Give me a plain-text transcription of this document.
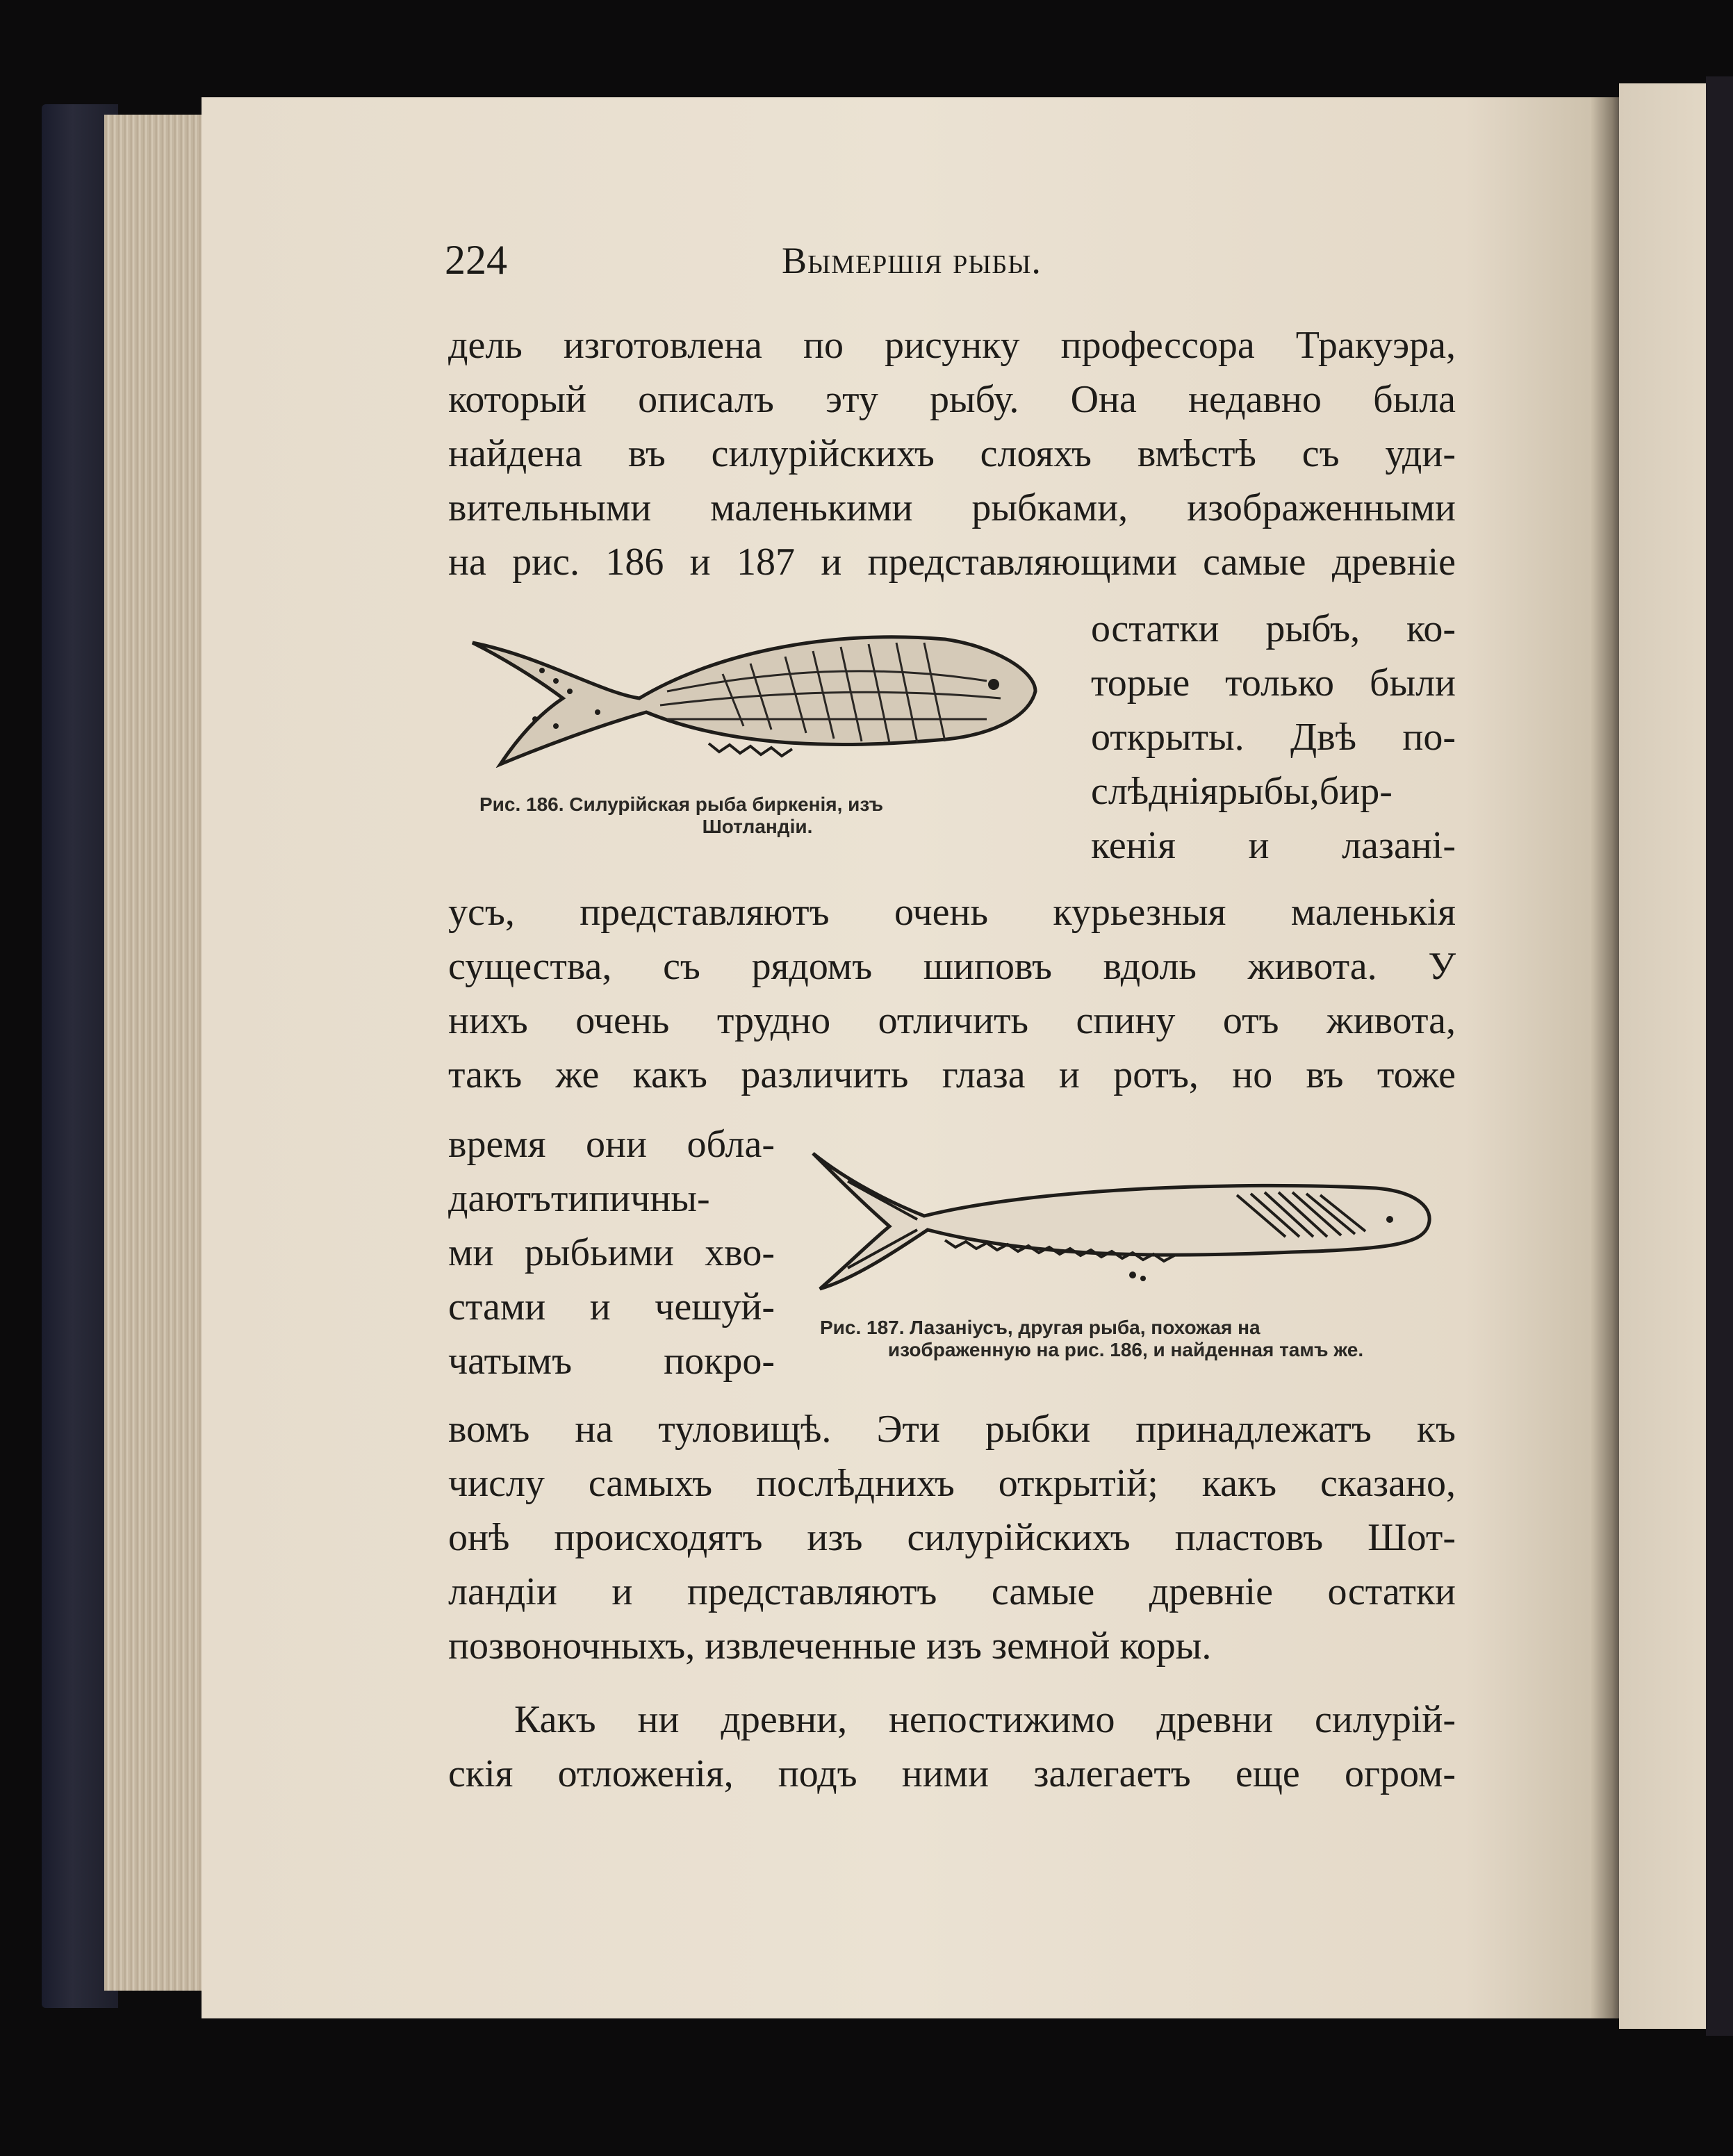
224	Вымершія рыбы.
дель изготовлена по рисунку профессора Тракуэра,
который описалъ эту рыбу. Она недавно была
найдена въ силурійскихъ слояхъ вмѣстѣ съ уди-
вительными маленькими рыбками, изображенными
на рис. 186 и 187 и представляющими самые древніе
Рис. 186. Силурійская рыба биркенія, изъ
Шотландіи.
остатки рыбъ, ко-
торые только были
открыты. Двѣ по-
слѣдніярыбы,бир-
кенія и лазані-
усъ, представляютъ очень курьезныя маленькія
существа, съ рядомъ шиповъ вдоль живота. У
нихъ очень трудно отличить спину отъ живота,
такъ же какъ различить глаза и ротъ, но въ тоже
время они обла-
даютътипичны-
ми рыбьими хво-
стами и чешуй-
чатымъ покро-
Рис. 187. Лазаніусъ, другая рыба, похожая на
изображенную на рис. 186, и найденная тамъ же.
вомъ на туловищѣ. Эти рыбки принадлежатъ къ
числу самыхъ послѣднихъ открытій; какъ сказано,
онѣ происходятъ изъ силурійскихъ пластовъ Шот-
ландіи и представляютъ самые древніе остатки
позвоночныхъ, извлеченные изъ земной коры.
Какъ ни древни, непостижимо древни силурій-
скія отложенія, подъ ними залегаетъ еще огром-
